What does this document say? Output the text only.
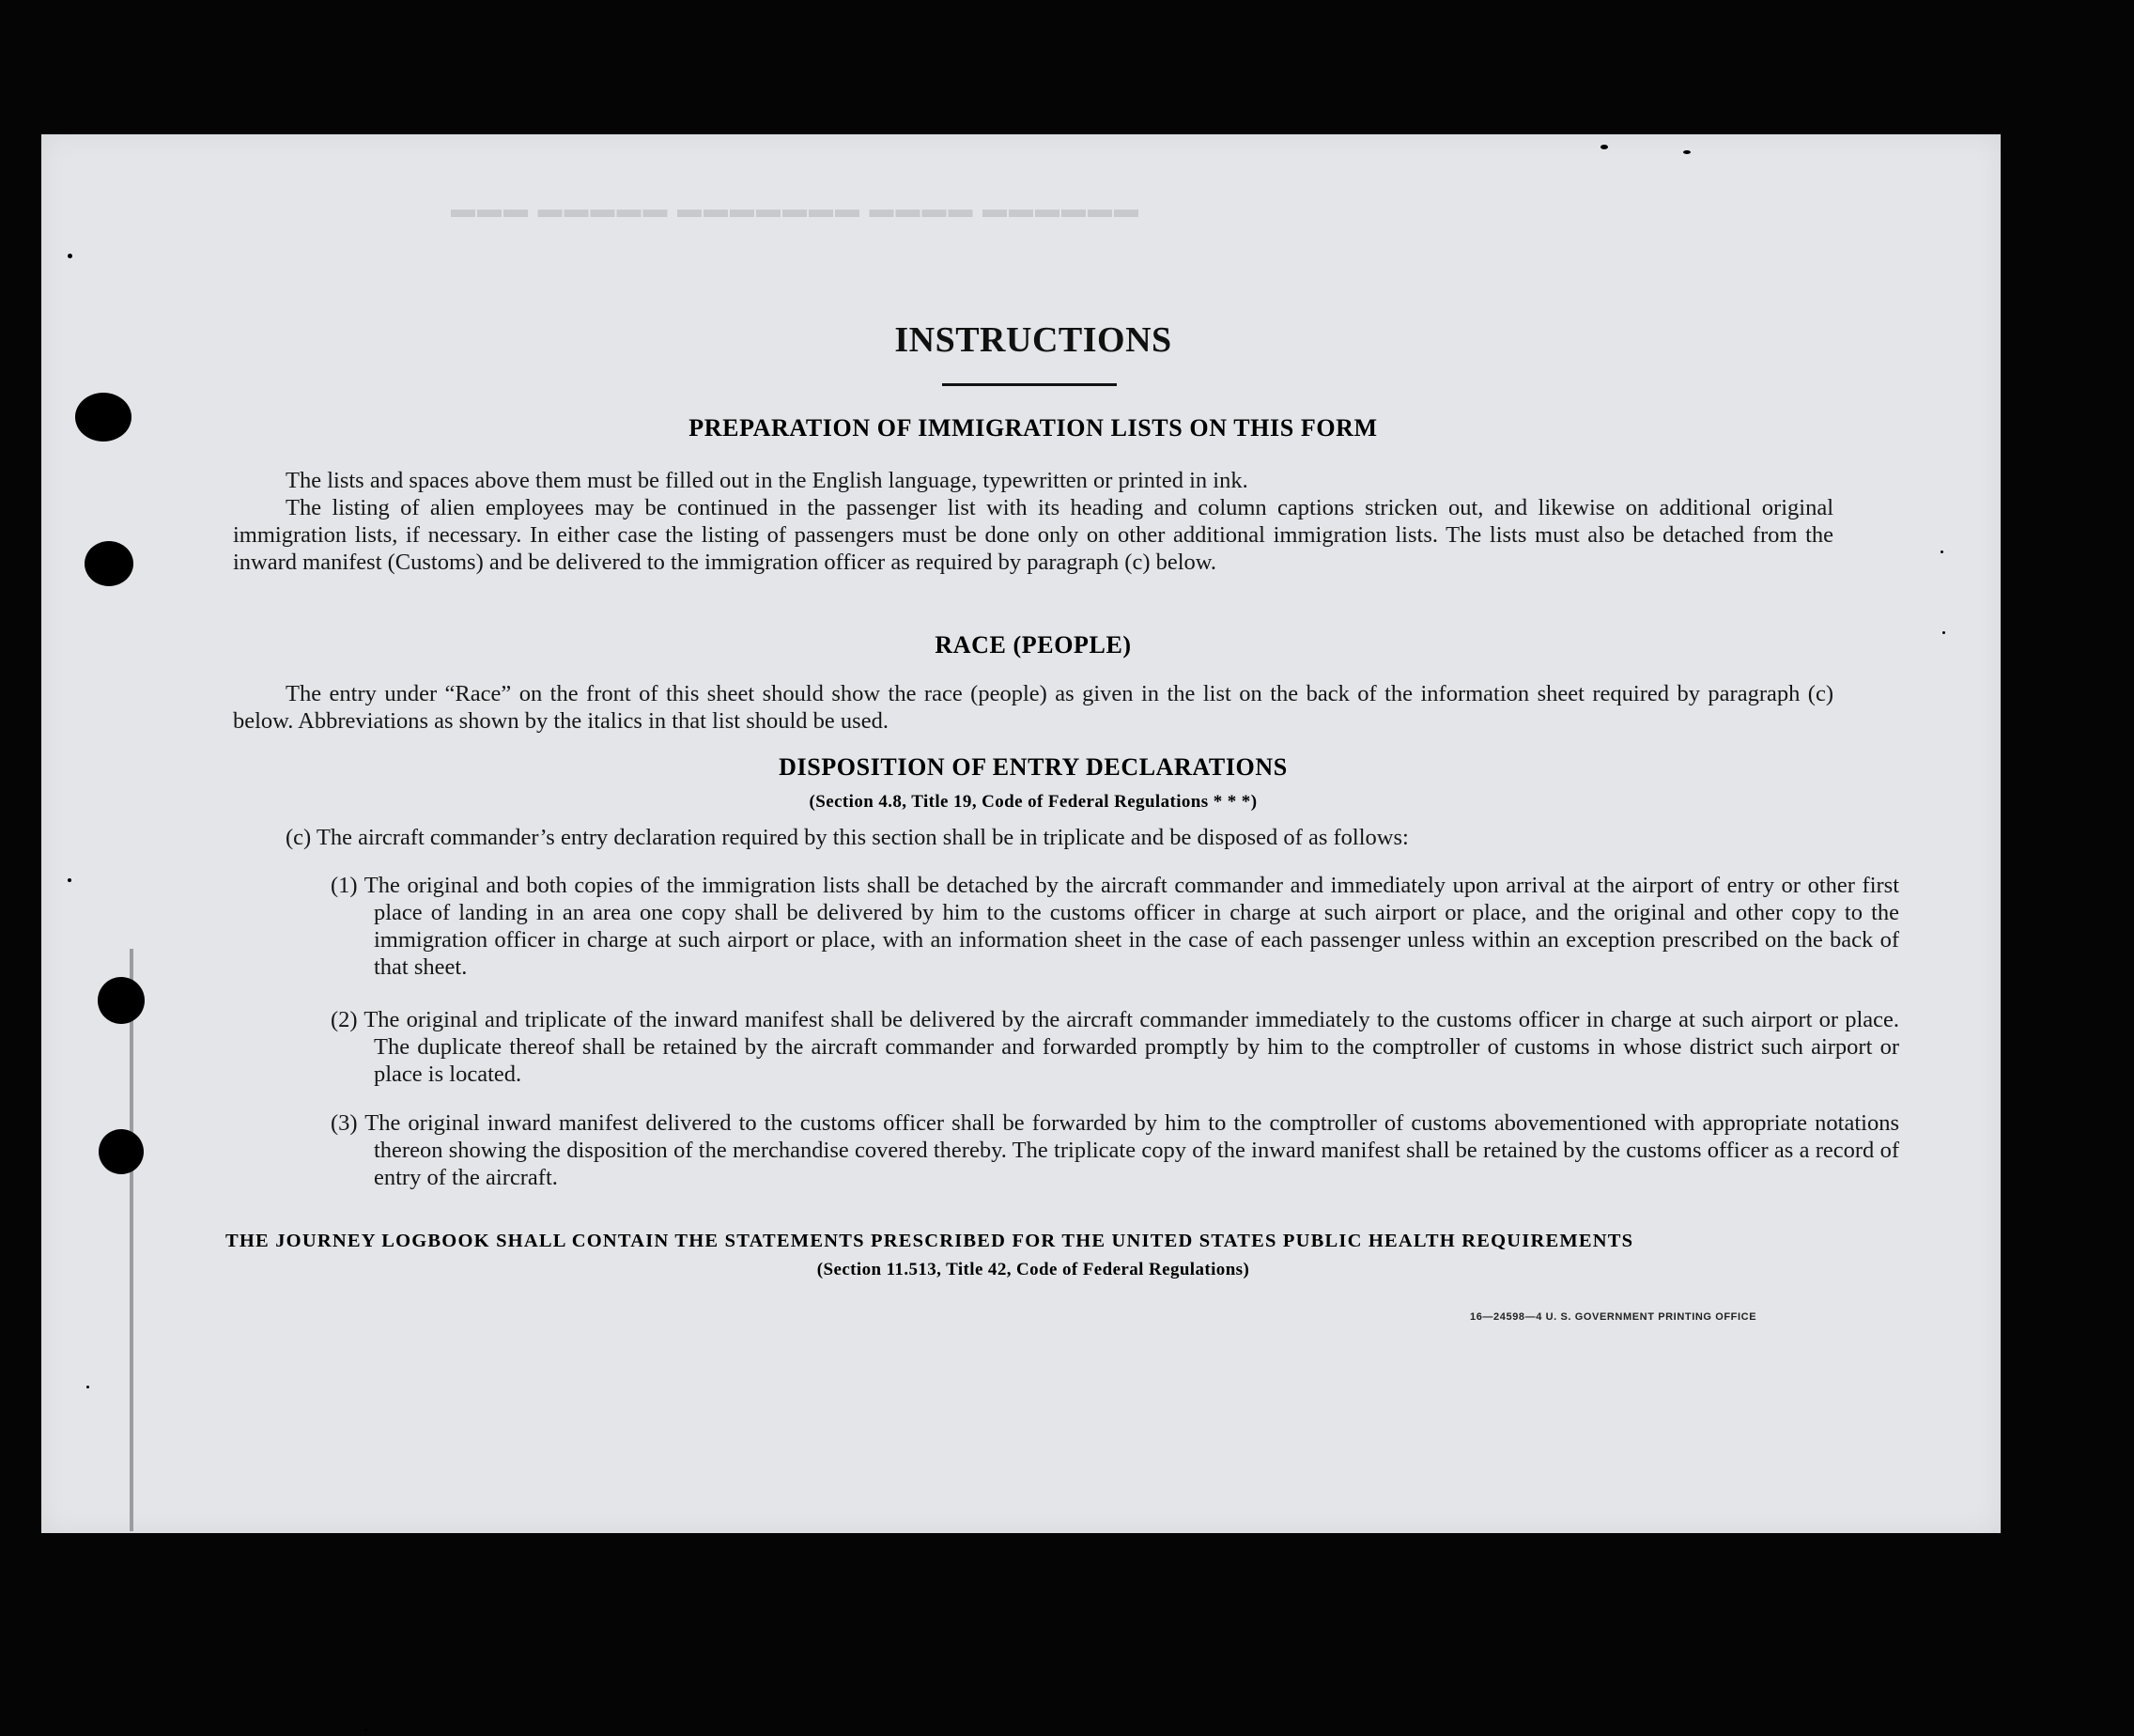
▬▬▬ ▬▬▬▬▬ ▬▬▬▬▬▬▬ ▬▬▬▬ ▬▬▬▬▬▬
INSTRUCTIONS
PREPARATION OF IMMIGRATION LISTS ON THIS FORM

The lists and spaces above them must be filled out in the English language, typewritten or printed in ink.

The listing of alien employees may be continued in the passenger list with its heading and column captions stricken out, and likewise on additional original immigration lists, if necessary. In either case the listing of passengers must be done only on other additional immigration lists. The lists must also be detached from the inward manifest (Customs) and be delivered to the immigration officer as required by paragraph (c) below.

RACE (PEOPLE)

The entry under “Race” on the front of this sheet should show the race (people) as given in the list on the back of the information sheet required by paragraph (c) below. Abbreviations as shown by the italics in that list should be used.

DISPOSITION OF ENTRY DECLARATIONS
(Section 4.8, Title 19, Code of Federal Regulations * * *)

(c) The aircraft commander’s entry declaration required by this section shall be in triplicate and be disposed of as follows:

(1) The original and both copies of the immigration lists shall be detached by the aircraft commander and immediately upon arrival at the airport of entry or other first place of landing in an area one copy shall be delivered by him to the customs officer in charge at such airport or place, and the original and other copy to the immigration officer in charge at such airport or place, with an information sheet in the case of each passenger unless within an exception prescribed on the back of that sheet.
(2) The original and triplicate of the inward manifest shall be delivered by the aircraft commander immediately to the customs officer in charge at such airport or place. The duplicate thereof shall be retained by the aircraft commander and forwarded promptly by him to the comptroller of customs in whose district such airport or place is located.
(3) The original inward manifest delivered to the customs officer shall be forwarded by him to the comptroller of customs abovementioned with appropriate notations thereon showing the disposition of the merchandise covered thereby. The triplicate copy of the inward manifest shall be retained by the customs officer as a record of entry of the aircraft.
THE JOURNEY LOGBOOK SHALL CONTAIN THE STATEMENTS PRESCRIBED FOR THE UNITED STATES PUBLIC HEALTH REQUIREMENTS
(Section 11.513, Title 42, Code of Federal Regulations)
16—24598—4 U. S. GOVERNMENT PRINTING OFFICE
